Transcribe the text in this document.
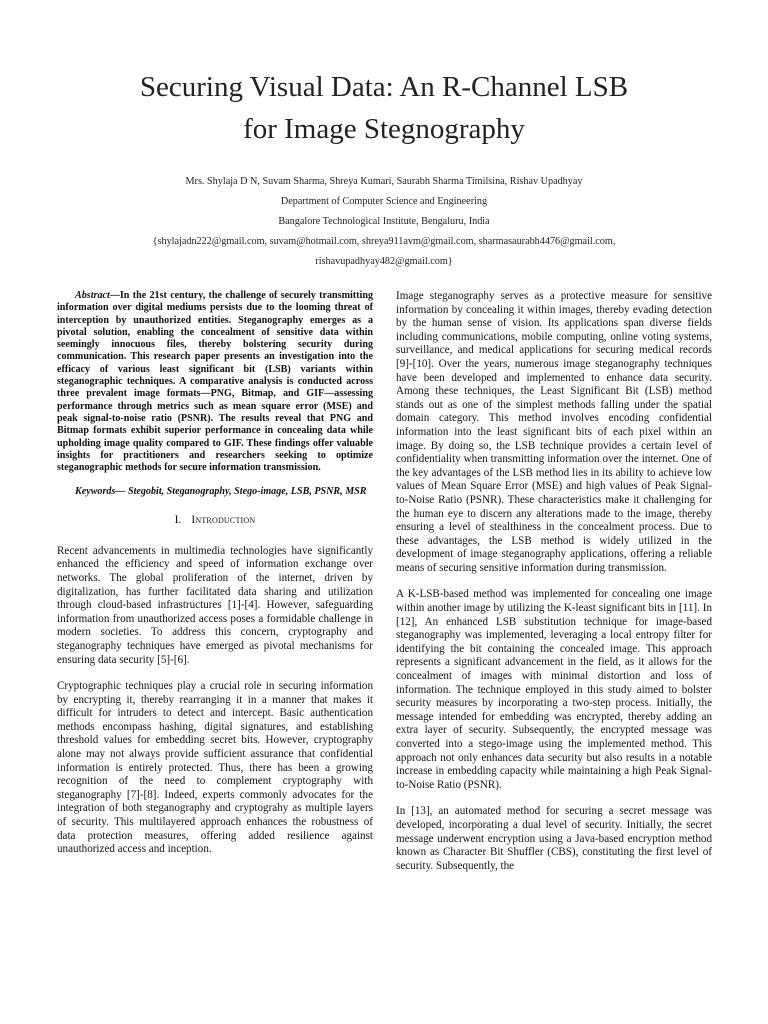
Securing Visual Data: An R-Channel LSB
for Image Stegnography
Mrs. Shylaja D N, Suvam Sharma, Shreya Kumari, Saurabh Sharma Timilsina, Rishav Upadhyay
Department of Computer Science and Engineering
Bangalore Technological Institute, Bengaluru, India
{shylajadn222@gmail.com, suvam@hotmail.com, shreya911avm@gmail.com, sharmasaurabh4476@gmail.com,
rishavupadhyay482@gmail.com}

Abstract—In the 21st century, the challenge of securely transmitting information over digital mediums persists due to the looming threat of interception by unauthorized entities. Steganography emerges as a pivotal solution, enabling the concealment of sensitive data within seemingly innocuous files, thereby bolstering security during communication. This research paper presents an investigation into the efficacy of various least significant bit (LSB) variants within steganographic techniques. A comparative analysis is conducted across three prevalent image formats—PNG, Bitmap, and GIF—assessing performance through metrics such as mean square error (MSE) and peak signal-to-noise ratio (PSNR). The results reveal that PNG and Bitmap formats exhibit superior performance in concealing data while upholding image quality compared to GIF. These findings offer valuable insights for practitioners and researchers seeking to optimize steganographic methods for secure information transmission.

Keywords— Stegobit, Steganography, Stego-image, LSB, PSNR, MSR

I. Introduction

Recent advancements in multimedia technologies have significantly enhanced the efficiency and speed of information exchange over networks. The global proliferation of the internet, driven by digitalization, has further facilitated data sharing and utilization through cloud-based infrastructures [1]-[4]. However, safeguarding information from unauthorized access poses a formidable challenge in modern societies. To address this concern, cryptography and steganography techniques have emerged as pivotal mechanisms for ensuring data security [5]-[6].

Cryptographic techniques play a crucial role in securing information by encrypting it, thereby rearranging it in a manner that makes it difficult for intruders to detect and intercept. Basic authentication methods encompass hashing, digital signatures, and establishing threshold values for embedding secret bits. However, cryptography alone may not always provide sufficient assurance that confidential information is entirely protected. Thus, there has been a growing recognition of the need to complement cryptography with steganography [7]-[8]. Indeed, experts commonly advocates for the integration of both steganography and cryptograhy as multiple layers of security. This multilayered approach enhances the robustness of data protection measures, offering added resilience against unauthorized access and inception.

Image steganography serves as a protective measure for sensitive information by concealing it within images, thereby evading detection by the human sense of vision. Its applications span diverse fields including communications, mobile computing, online voting systems, surveillance, and medical applications for securing medical records [9]-[10]. Over the years, numerous image steganography techniques have been developed and implemented to enhance data security. Among these techniques, the Least Significant Bit (LSB) method stands out as one of the simplest methods falling under the spatial domain category. This method involves encoding confidential information into the least significant bits of each pixel within an image. By doing so, the LSB technique provides a certain level of confidentiality when transmitting information over the internet. One of the key advantages of the LSB method lies in its ability to achieve low values of Mean Square Error (MSE) and high values of Peak Signal-to-Noise Ratio (PSNR). These characteristics make it challenging for the human eye to discern any alterations made to the image, thereby ensuring a level of stealthiness in the concealment process. Due to these advantages, the LSB method is widely utilized in the development of image steganography applications, offering a reliable means of securing sensitive information during transmission.

A K-LSB-based method was implemented for concealing one image within another image by utilizing the K-least significant bits in [11]. In [12], An enhanced LSB substitution technique for image-based steganography was implemented, leveraging a local entropy filter for identifying the bit containing the concealed image. This approach represents a significant advancement in the field, as it allows for the concealment of images with minimal distortion and loss of information. The technique employed in this study aimed to bolster security measures by incorporating a two-step process. Initially, the message intended for embedding was encrypted, thereby adding an extra layer of security. Subsequently, the encrypted message was converted into a stego-image using the implemented method. This approach not only enhances data security but also results in a notable increase in embedding capacity while maintaining a high Peak Signal-to-Noise Ratio (PSNR).

In [13], an automated method for securing a secret message was developed, incorporating a dual level of security. Initially, the secret message underwent encryption using a Java-based encryption method known as Character Bit Shuffler (CBS), constituting the first level of security. Subsequently, the
